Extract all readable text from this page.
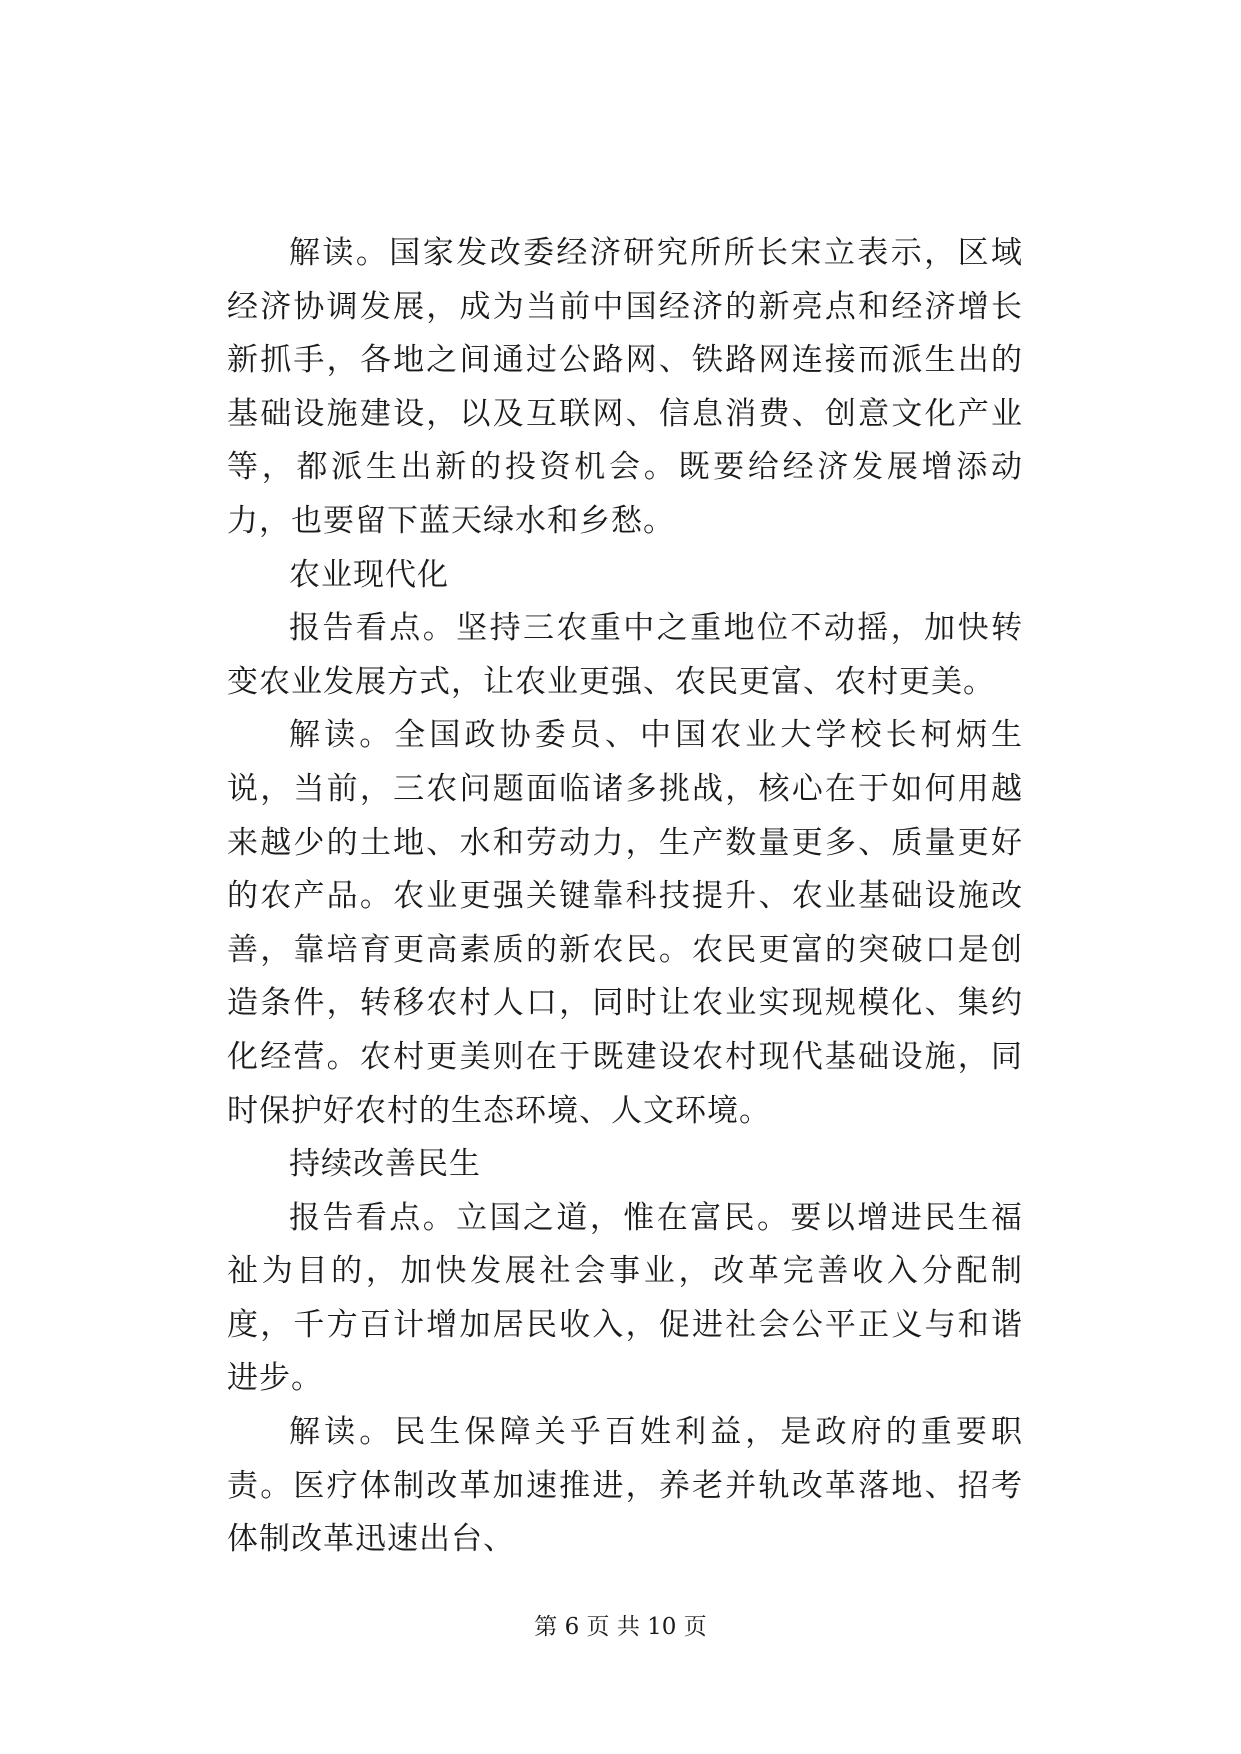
解读。国家发改委经济研究所所长宋立表示，区域经济协调发展，成为当前中国经济的新亮点和经济增长新抓手，各地之间通过公路网、铁路网连接而派生出的基础设施建设，以及互联网、信息消费、创意文化产业等，都派生出新的投资机会。既要给经济发展增添动力，也要留下蓝天绿水和乡愁。

农业现代化

报告看点。坚持三农重中之重地位不动摇，加快转变农业发展方式，让农业更强、农民更富、农村更美。

解读。全国政协委员、中国农业大学校长柯炳生说，当前，三农问题面临诸多挑战，核心在于如何用越来越少的土地、水和劳动力，生产数量更多、质量更好的农产品。农业更强关键靠科技提升、农业基础设施改善，靠培育更高素质的新农民。农民更富的突破口是创造条件，转移农村人口，同时让农业实现规模化、集约化经营。农村更美则在于既建设农村现代基础设施，同时保护好农村的生态环境、人文环境。

持续改善民生

报告看点。立国之道，惟在富民。要以增进民生福祉为目的，加快发展社会事业，改革完善收入分配制度，千方百计增加居民收入，促进社会公平正义与和谐进步。

解读。民生保障关乎百姓利益，是政府的重要职责。医疗体制改革加速推进，养老并轨改革落地、招考体制改革迅速出台、

第 6 页 共 10 页
